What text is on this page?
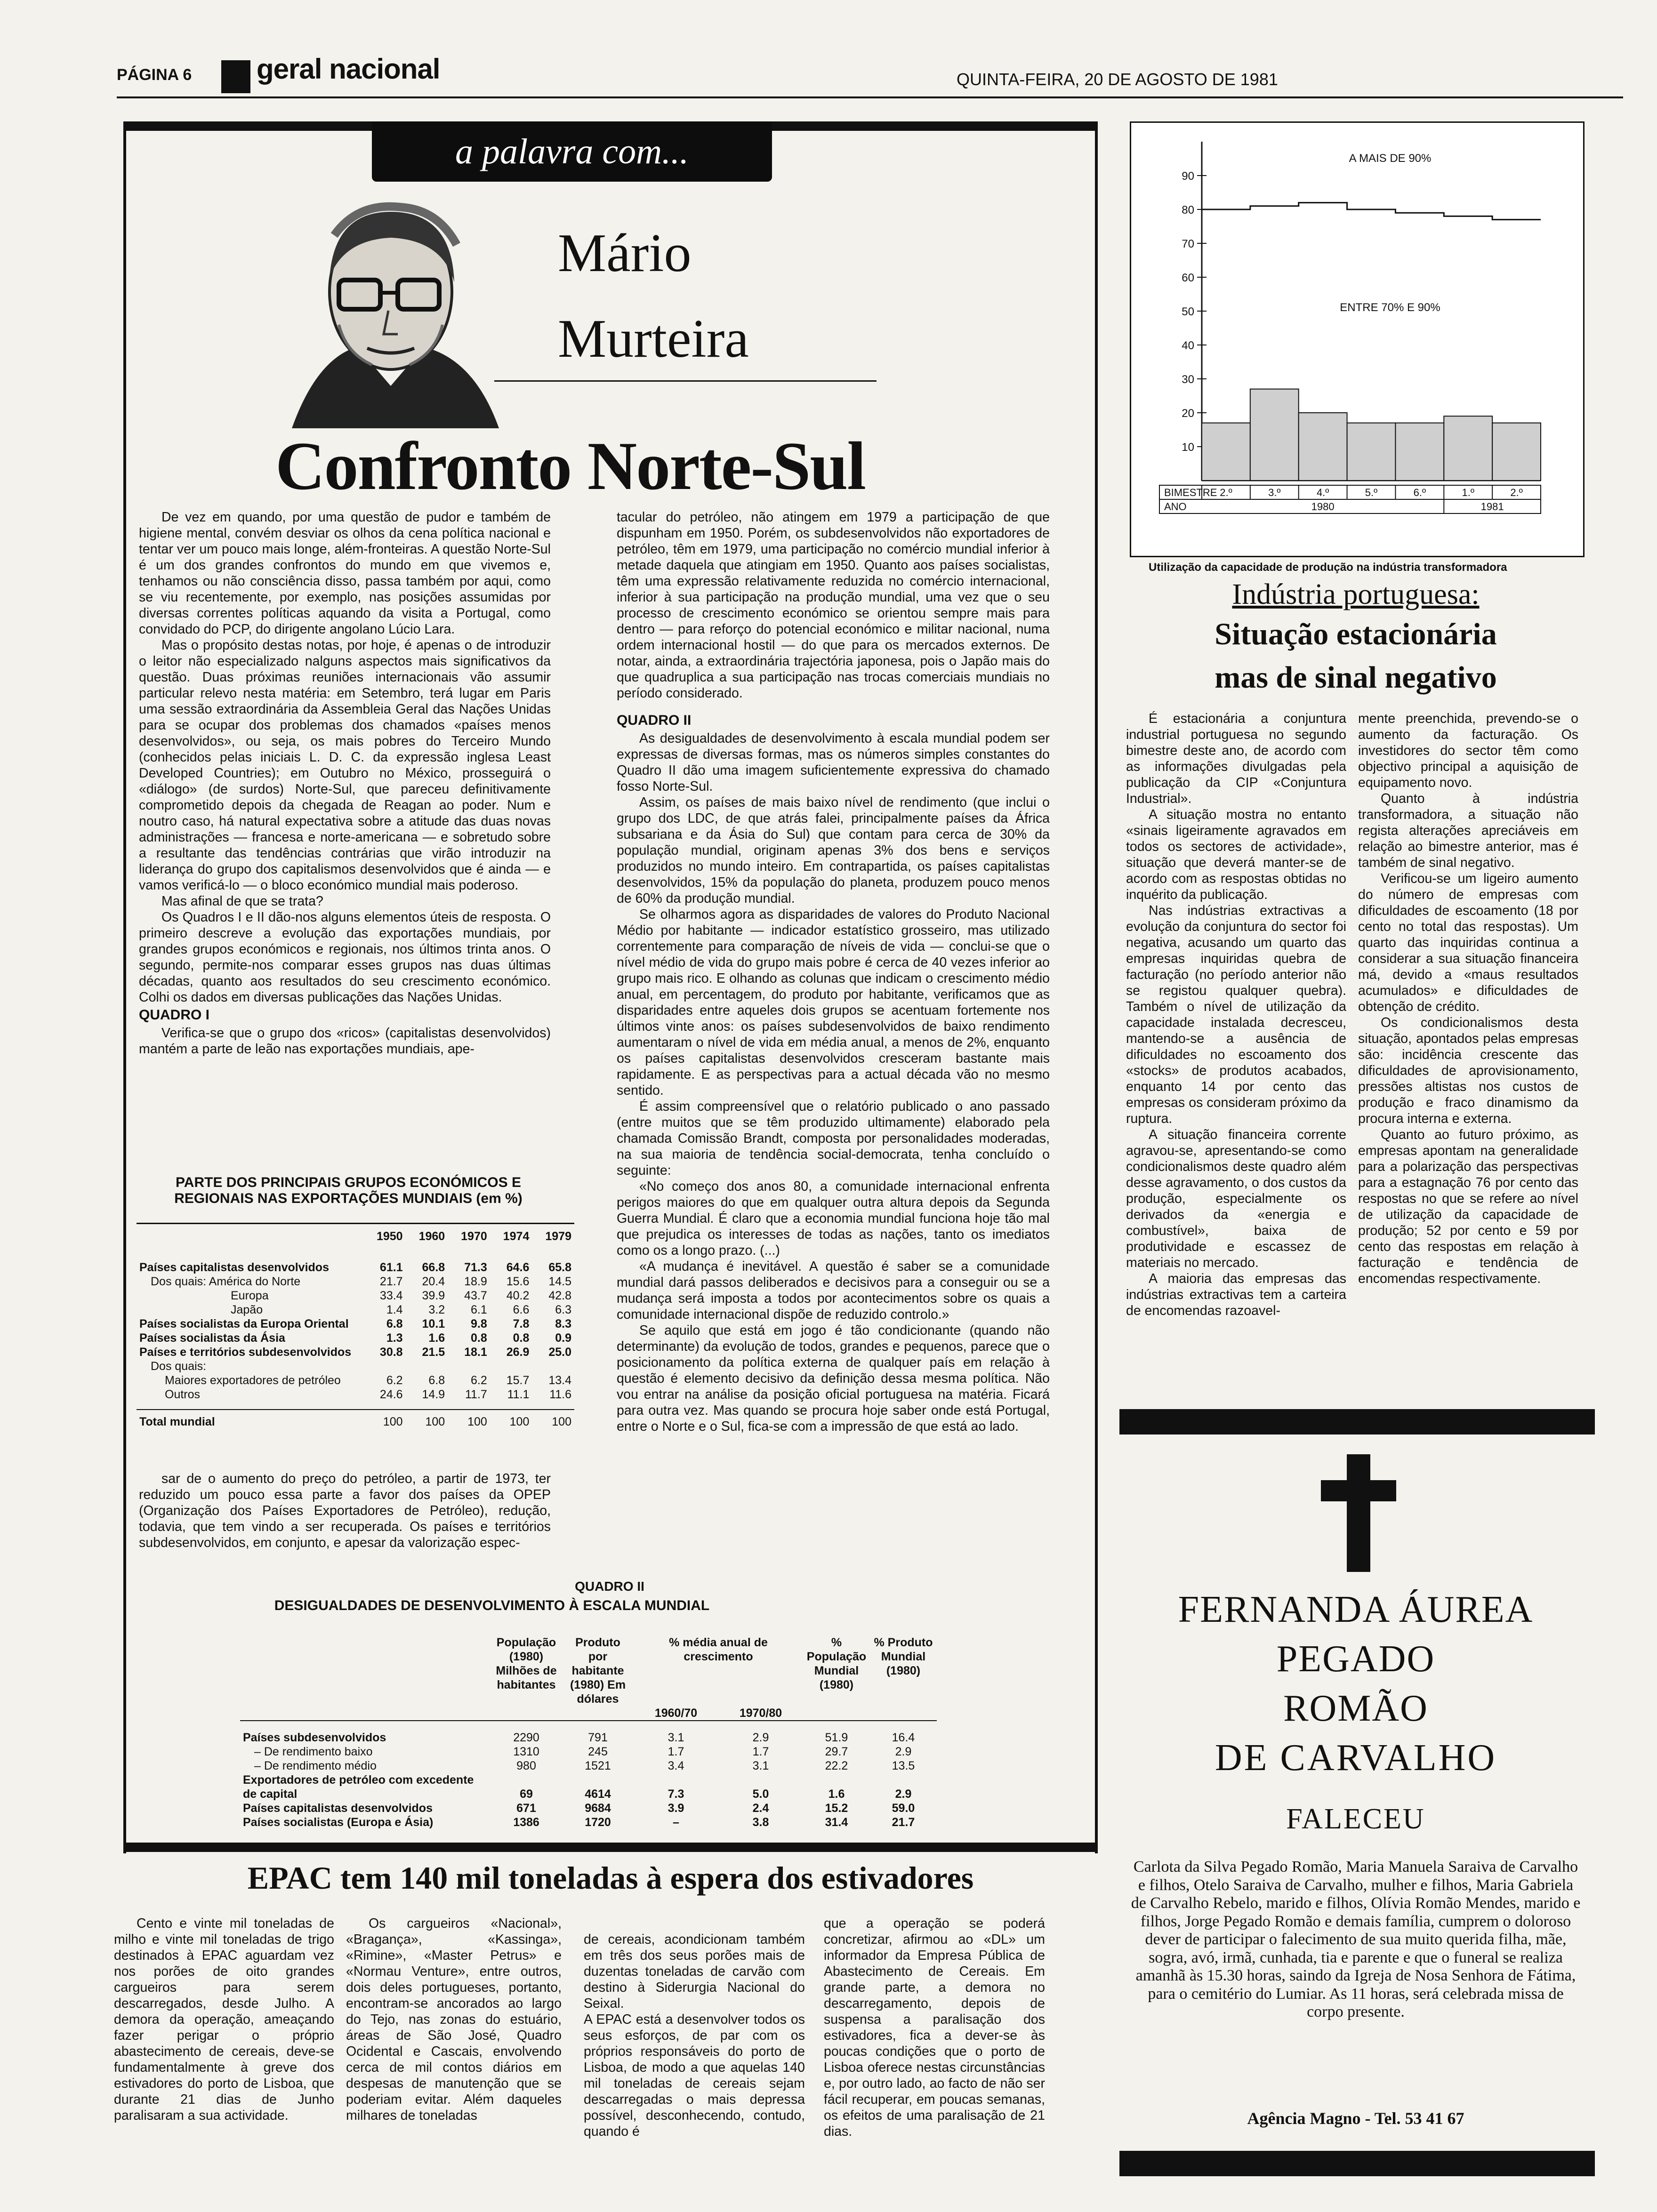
PÁGINA 6 geral nacional	QUINTA-FEIRA, 20 DE AGOSTO DE 1981
a palavra com...
Mário
Murteira
Confronto Norte-Sul

De vez em quando, por uma questão de pudor e também de higiene mental, convém desviar os olhos da cena política nacional e tentar ver um pouco mais longe, além-fronteiras. A questão Norte-Sul é um dos grandes confrontos do mundo em que vivemos e, tenhamos ou não consciência disso, passa também por aqui, como se viu recentemente, por exemplo, nas posições assumidas por diversas correntes políticas aquando da visita a Portugal, como convidado do PCP, do dirigente angolano Lúcio Lara.

Mas o propósito destas notas, por hoje, é apenas o de introduzir o leitor não especializado nalguns aspectos mais significativos da questão. Duas próximas reuniões internacionais vão assumir particular relevo nesta matéria: em Setembro, terá lugar em Paris uma sessão extraordinária da Assembleia Geral das Nações Unidas para se ocupar dos problemas dos chamados «países menos desenvolvidos», ou seja, os mais pobres do Terceiro Mundo (conhecidos pelas iniciais L. D. C. da expressão inglesa Least Developed Countries); em Outubro no México, prosseguirá o «diálogo» (de surdos) Norte-Sul, que pareceu definitivamente comprometido depois da chegada de Reagan ao poder. Num e noutro caso, há natural expectativa sobre a atitude das duas novas administrações — francesa e norte-americana — e sobretudo sobre a resultante das tendências contrárias que virão introduzir na liderança do grupo dos capitalismos desenvolvidos que é ainda — e vamos verificá-lo — o bloco económico mundial mais poderoso.

Mas afinal de que se trata?

Os Quadros I e II dão-nos alguns elementos úteis de resposta. O primeiro descreve a evolução das exportações mundiais, por grandes grupos económicos e regionais, nos últimos trinta anos. O segundo, permite-nos comparar esses grupos nas duas últimas décadas, quanto aos resultados do seu crescimento económico. Colhi os dados em diversas publicações das Nações Unidas.

QUADRO I

Verifica-se que o grupo dos «ricos» (capitalistas desenvolvidos) mantém a parte de leão nas exportações mundiais, ape-

PARTE DOS PRINCIPAIS GRUPOS ECONÓMICOS E REGIONAIS NAS EXPORTAÇÕES MUNDIAIS (em %)
	1950	1960	1970	1974	1979

Países capitalistas desenvolvidos	61.1	66.8	71.3	64.6	65.8
Dos quais: América do Norte	21.7	20.4	18.9	15.6	14.5
Europa	33.4	39.9	43.7	40.2	42.8
Japão	1.4	3.2	6.1	6.6	6.3
Países socialistas da Europa Oriental	6.8	10.1	9.8	7.8	8.3
Países socialistas da Ásia	1.3	1.6	0.8	0.8	0.9
Países e territórios subdesenvolvidos	30.8	21.5	18.1	26.9	25.0
Dos quais:					
Maiores exportadores de petróleo	6.2	6.8	6.2	15.7	13.4
Outros	24.6	14.9	11.7	11.1	11.6

Total mundial	100	100	100	100	100

sar de o aumento do preço do petróleo, a partir de 1973, ter reduzido um pouco essa parte a favor dos países da OPEP (Organização dos Países Exportadores de Petróleo), redução, todavia, que tem vindo a ser recuperada. Os países e territórios subdesenvolvidos, em conjunto, e apesar da valorização espec-

tacular do petróleo, não atingem em 1979 a participação de que dispunham em 1950. Porém, os subdesenvolvidos não exportadores de petróleo, têm em 1979, uma participação no comércio mundial inferior à metade daquela que atingiam em 1950. Quanto aos países socialistas, têm uma expressão relativamente reduzida no comércio internacional, inferior à sua participação na produção mundial, uma vez que o seu processo de crescimento económico se orientou sempre mais para dentro — para reforço do potencial económico e militar nacional, numa ordem internacional hostil — do que para os mercados externos. De notar, ainda, a extraordinária trajectória japonesa, pois o Japão mais do que quadruplica a sua participação nas trocas comerciais mundiais no período considerado.

QUADRO II

As desigualdades de desenvolvimento à escala mundial podem ser expressas de diversas formas, mas os números simples constantes do Quadro II dão uma imagem suficientemente expressiva do chamado fosso Norte-Sul.

Assim, os países de mais baixo nível de rendimento (que inclui o grupo dos LDC, de que atrás falei, principalmente países da África subsariana e da Ásia do Sul) que contam para cerca de 30% da população mundial, originam apenas 3% dos bens e serviços produzidos no mundo inteiro. Em contrapartida, os países capitalistas desenvolvidos, 15% da população do planeta, produzem pouco menos de 60% da produção mundial.

Se olharmos agora as disparidades de valores do Produto Nacional Médio por habitante — indicador estatístico grosseiro, mas utilizado correntemente para comparação de níveis de vida — conclui-se que o nível médio de vida do grupo mais pobre é cerca de 40 vezes inferior ao grupo mais rico. E olhando as colunas que indicam o crescimento médio anual, em percentagem, do produto por habitante, verificamos que as disparidades entre aqueles dois grupos se acentuam fortemente nos últimos vinte anos: os países subdesenvolvidos de baixo rendimento aumentaram o nível de vida em média anual, a menos de 2%, enquanto os países capitalistas desenvolvidos cresceram bastante mais rapidamente. E as perspectivas para a actual década vão no mesmo sentido.

É assim compreensível que o relatório publicado o ano passado (entre muitos que se têm produzido ultimamente) elaborado pela chamada Comissão Brandt, composta por personalidades moderadas, na sua maioria de tendência social-democrata, tenha concluído o seguinte:

«No começo dos anos 80, a comunidade internacional enfrenta perigos maiores do que em qualquer outra altura depois da Segunda Guerra Mundial. É claro que a economia mundial funciona hoje tão mal que prejudica os interesses de todas as nações, tanto os imediatos como os a longo prazo. (...)

«A mudança é inevitável. A questão é saber se a comunidade mundial dará passos deliberados e decisivos para a conseguir ou se a mudança será imposta a todos por acontecimentos sobre os quais a comunidade internacional dispõe de reduzido controlo.»

Se aquilo que está em jogo é tão condicionante (quando não determinante) da evolução de todos, grandes e pequenos, parece que o posicionamento da política externa de qualquer país em relação à questão é elemento decisivo da definição dessa mesma política. Não vou entrar na análise da posição oficial portuguesa na matéria. Ficará para outra vez. Mas quando se procura hoje saber onde está Portugal, entre o Norte e o Sul, fica-se com a impressão de que está ao lado.

QUADRO II
DESIGUALDADES DE DESENVOLVIMENTO À ESCALA MUNDIAL
	População (1980) Milhões de habitantes	Produto por habitante (1980) Em dólares	% média anual de crescimento		% População Mundial (1980)	% Produto Mundial (1980)
			1960/70	1970/80		

Países subdesenvolvidos	2290	791	3.1	2.9	51.9	16.4
– De rendimento baixo	1310	245	1.7	1.7	29.7	2.9
– De rendimento médio	980	1521	3.4	3.1	22.2	13.5
Exportadores de petróleo com excedente de capital	69	4614	7.3	5.0	1.6	2.9
Países capitalistas desenvolvidos	671	9684	3.9	2.4	15.2	59.0
Países socialistas (Europa e Ásia)	1386	1720	–	3.8	31.4	21.7
10
20
30
40
50
60
70
80
90
A MAIS DE 90%
ENTRE 70% E 90%
BIMESTRE
ANO
2.º	3.º	4.º	5.º	6.º	1.º	2.º
1980	1981
Utilização da capacidade de produção na indústria transformadora
Indústria portuguesa:
Situação estacionária
mas de sinal negativo

É estacionária a conjuntura industrial portuguesa no segundo bimestre deste ano, de acordo com as informações divulgadas pela publicação da CIP «Conjuntura Industrial».

A situação mostra no entanto «sinais ligeiramente agravados em todos os sectores de actividade», situação que deverá manter-se de acordo com as respostas obtidas no inquérito da publicação.

Nas indústrias extractivas a evolução da conjuntura do sector foi negativa, acusando um quarto das empresas inquiridas quebra de facturação (no período anterior não se registou qualquer quebra). Também o nível de utilização da capacidade instalada decresceu, mantendo-se a ausência de dificuldades no escoamento dos «stocks» de produtos acabados, enquanto 14 por cento das empresas os consideram próximo da ruptura.

A situação financeira corrente agravou-se, apresentando-se como condicionalismos deste quadro além desse agravamento, o dos custos da produção, especialmente os derivados da «energia e combustível», baixa de produtividade e escassez de materiais no mercado.

A maioria das empresas das indústrias extractivas tem a carteira de encomendas razoavel-

mente preenchida, prevendo-se o aumento da facturação. Os investidores do sector têm como objectivo principal a aquisição de equipamento novo.

Quanto à indústria transformadora, a situação não regista alterações apreciáveis em relação ao bimestre anterior, mas é também de sinal negativo.

Verificou-se um ligeiro aumento do número de empresas com dificuldades de escoamento (18 por cento no total das respostas). Um quarto das inquiridas continua a considerar a sua situação financeira má, devido a «maus resultados acumulados» e dificuldades de obtenção de crédito.

Os condicionalismos desta situação, apontados pelas empresas são: incidência crescente das dificuldades de aprovisionamento, pressões altistas nos custos de produção e fraco dinamismo da procura interna e externa.

Quanto ao futuro próximo, as empresas apontam na generalidade para a polarização das perspectivas para a estagnação 76 por cento das respostas no que se refere ao nível de utilização da capacidade de produção; 52 por cento e 59 por cento das respostas em relação à facturação e tendência de encomendas respectivamente.

FERNANDA ÁUREA
PEGADO
ROMÃO
DE CARVALHO
FALECEU
Carlota da Silva Pegado Romão, Maria Manuela Saraiva de Carvalho e filhos, Otelo Saraiva de Carvalho, mulher e filhos, Maria Gabriela de Carvalho Rebelo, marido e filhos, Olívia Romão Mendes, marido e filhos, Jorge Pegado Romão e demais família, cumprem o doloroso dever de participar o falecimento de sua muito querida filha, mãe, sogra, avó, irmã, cunhada, tia e parente e que o funeral se realiza amanhã às 15.30 horas, saindo da Igreja de Nosa Senhora de Fátima, para o cemitério do Lumiar. As 11 horas, será celebrada missa de corpo presente.
Agência Magno - Tel. 53 41 67
EPAC tem 140 mil toneladas à espera dos estivadores

Cento e vinte mil toneladas de milho e vinte mil toneladas de trigo destinados à EPAC aguardam vez nos porões de oito grandes cargueiros para serem descarregados, desde Julho. A demora da operação, ameaçando fazer perigar o próprio abastecimento de cereais, deve-se fundamentalmente à greve dos estivadores do porto de Lisboa, que durante 21 dias de Junho paralisaram a sua actividade.

Os cargueiros «Nacional», «Bragança», «Kassinga», «Rimine», «Master Petrus» e «Normau Venture», entre outros, dois deles portugueses, portanto, encontram-se ancorados ao largo do Tejo, nas zonas do estuário, áreas de São José, Quadro Ocidental e Cascais, envolvendo cerca de mil contos diários em despesas de manutenção que se poderiam evitar. Além daqueles milhares de toneladas

de cereais, acondicionam também em três dos seus porões mais de duzentas toneladas de carvão com destino à Siderurgia Nacional do Seixal.
A EPAC está a desenvolver todos os seus esforços, de par com os próprios responsáveis do porto de Lisboa, de modo a que aquelas 140 mil toneladas de cereais sejam descarregadas o mais depressa possível, desconhecendo, contudo, quando é

que a operação se poderá concretizar, afirmou ao «DL» um informador da Empresa Pública de Abastecimento de Cereais. Em grande parte, a demora no descarregamento, depois de suspensa a paralisação dos estivadores, fica a dever-se às poucas condições que o porto de Lisboa oferece nestas circunstâncias e, por outro lado, ao facto de não ser fácil recuperar, em poucas semanas, os efeitos de uma paralisação de 21 dias.
